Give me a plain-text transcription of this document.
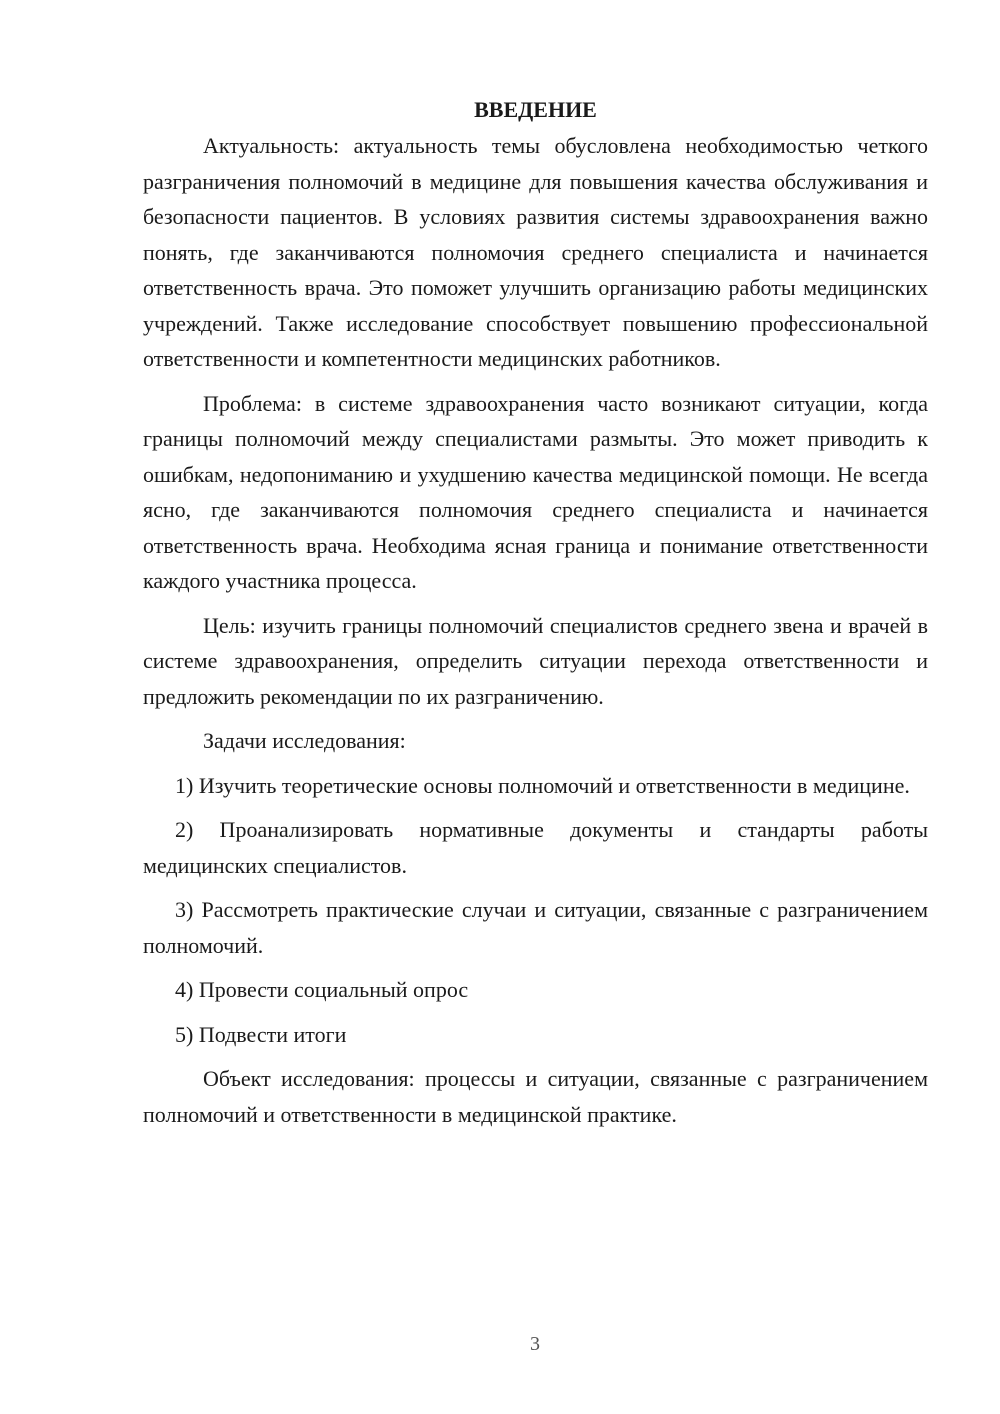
ВВЕДЕНИЕ

Актуальность: актуальность темы обусловлена необходимостью четкого разграничения полномочий в медицине для повышения качества обслуживания и безопасности пациентов. В условиях развития системы здравоохранения важно понять, где заканчиваются полномочия среднего специалиста и начинается ответственность врача. Это поможет улучшить организацию работы медицинских учреждений. Также исследование способствует повышению профессиональной ответственности и компетентности медицинских работников.

Проблема: в системе здравоохранения часто возникают ситуации, когда границы полномочий между специалистами размыты. Это может приводить к ошибкам, недопониманию и ухудшению качества медицинской помощи. Не всегда ясно, где заканчиваются полномочия среднего специалиста и начинается ответственность врача. Необходима ясная граница и понимание ответственности каждого участника процесса.

Цель: изучить границы полномочий специалистов среднего звена и врачей в системе здравоохранения, определить ситуации перехода ответственности и предложить рекомендации по их разграничению.

Задачи исследования:

1) Изучить теоретические основы полномочий и ответственности в медицине.

2) Проанализировать нормативные документы и стандарты работы медицинских специалистов.

3) Рассмотреть практические случаи и ситуации, связанные с разграничением полномочий.

4) Провести социальный опрос

5) Подвести итоги

Объект исследования: процессы и ситуации, связанные с разграничением полномочий и ответственности в медицинской практике.

3
